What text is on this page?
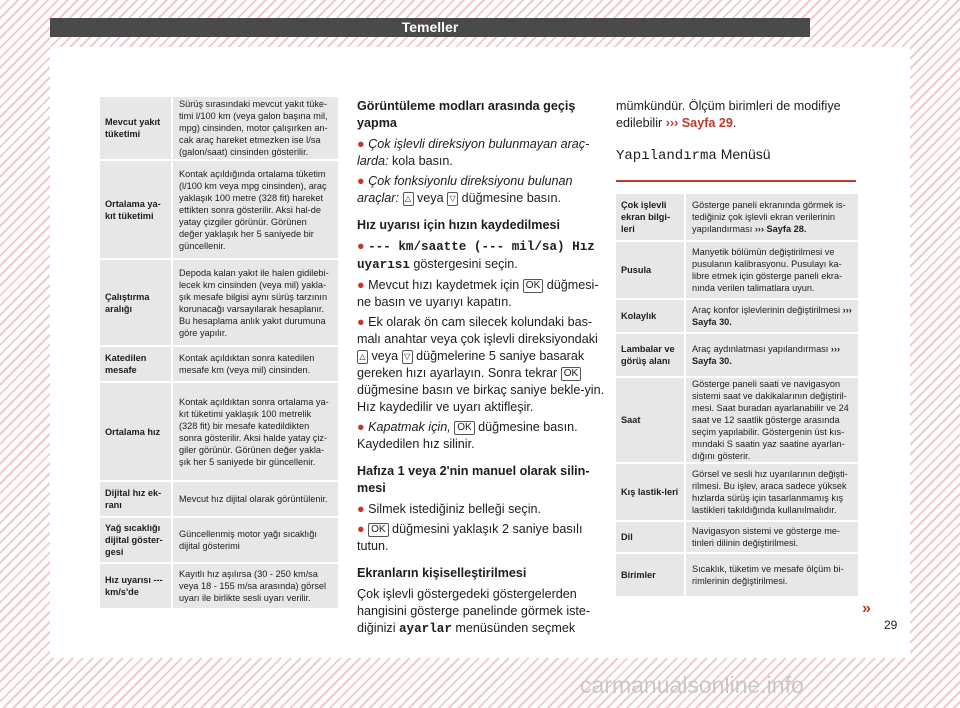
Temeller
Mevcut yakıt tüketimi	Sürüş sırasındaki mevcut yakıt tüke-timi l/100 km (veya galon başına mil, mpg) cinsinden, motor çalışırken an-cak araç hareket etmezken ise l/sa (galon/saat) cinsinden gösterilir.
Ortalama ya-kıt tüketimi	Kontak açıldığında ortalama tüketim (l/100 km veya mpg cinsinden), araç yaklaşık 100 metre (328 fit) hareket ettikten sonra gösterilir. Aksi hal-de yatay çizgiler görünür. Görünen değer yaklaşık her 5 saniyede bir güncellenir.
Çalıştırma aralığı	Depoda kalan yakıt ile halen gidilebi-lecek km cinsinden (veya mil) yakla-şık mesafe bilgisi aynı sürüş tarzının korunacağı varsayılarak hesaplanır. Bu hesaplama anlık yakıt durumuna göre yapılır.
Katedilen mesafe	Kontak açıldıktan sonra katedilen mesafe km (veya mil) cinsinden.
Ortalama hız	Kontak açıldıktan sonra ortalama ya-kıt tüketimi yaklaşık 100 metrelik (328 fit) bir mesafe katedildikten sonra gösterilir. Aksi halde yatay çiz-giler görünür. Görünen değer yakla-şık her 5 saniyede bir güncellenir.
Dijital hız ek-ranı	Mevcut hız dijital olarak görüntülenir.
Yağ sıcaklığı dijital göster-gesi	Güncellenmiş motor yağı sıcaklığı dijital gösterimi
Hız uyarısı --- km/s'de	Kayıtlı hız aşılırsa (30 - 250 km/sa veya 18 - 155 m/sa arasında) görsel uyarı ile birlikte sesli uyarı verilir.
Görüntüleme modları arasında geçiş yapma

● Çok işlevli direksiyon bulunmayan araç-larda: kola basın.

● Çok fonksiyonlu direksiyonu bulunan araçlar: △ veya ▽ düğmesine basın.

Hız uyarısı için hızın kaydedilmesi

● --- km/saatte (--- mil/sa) Hız uyarısı göstergesini seçin.

● Mevcut hızı kaydetmek için OK düğmesi-ne basın ve uyarıyı kapatın.

● Ek olarak ön cam silecek kolundaki bas-malı anahtar veya çok işlevli direksiyondaki △ veya ▽ düğmelerine 5 saniye basarak gereken hızı ayarlayın. Sonra tekrar OK düğmesine basın ve birkaç saniye bekle-yin. Hız kaydedilir ve uyarı aktifleşir.

● Kapatmak için, OK düğmesine basın. Kaydedilen hız silinir.

Hafıza 1 veya 2'nin manuel olarak silin-mesi

● Silmek istediğiniz belleği seçin.

● OK düğmesini yaklaşık 2 saniye basılı tutun.

Ekranların kişiselleştirilmesi

Çok işlevli göstergedeki göstergelerden hangisini gösterge panelinde görmek iste-diğinizi ayarlar menüsünden seçmek

mümkündür. Ölçüm birimleri de modifiye edilebilir ››› Sayfa 29.

Yapılandırma Menüsü

Çok işlevli ekran bilgi-leri	Gösterge paneli ekranında görmek is-tediğiniz çok işlevli ekran verilerinin yapılandırması ››› Sayfa 28.
Pusula	Manyetik bölümün değiştirilmesi ve pusulanın kalibrasyonu. Pusulayı ka-libre etmek için gösterge paneli ekra-nında verilen talimatlara uyun.
Kolaylık	Araç konfor işlevlerinin değiştirilmesi ››› Sayfa 30.
Lambalar ve görüş alanı	Araç aydınlatması yapılandırması ››› Sayfa 30.
Saat	Gösterge paneli saati ve navigasyon sistemi saat ve dakikalarının değiştiril-mesi. Saat buradan ayarlanabilir ve 24 saat ve 12 saatlik gösterge arasında seçim yapılabilir. Göstergenin üst kıs-mındaki S saatin yaz saatine ayarlan-dığını gösterir.
Kış lastik-leri	Görsel ve sesli hız uyarılarının değişti-rilmesi. Bu işlev, araca sadece yüksek hızlarda sürüş için tasarlanmamış kış lastikleri takıldığında kullanılmalıdır.
Dil	Navigasyon sistemi ve gösterge me-tinleri dilinin değiştirilmesi.
Birimler	Sıcaklık, tüketim ve mesafe ölçüm bi-rimlerinin değiştirilmesi.
»
29
carmanualsonline.info
